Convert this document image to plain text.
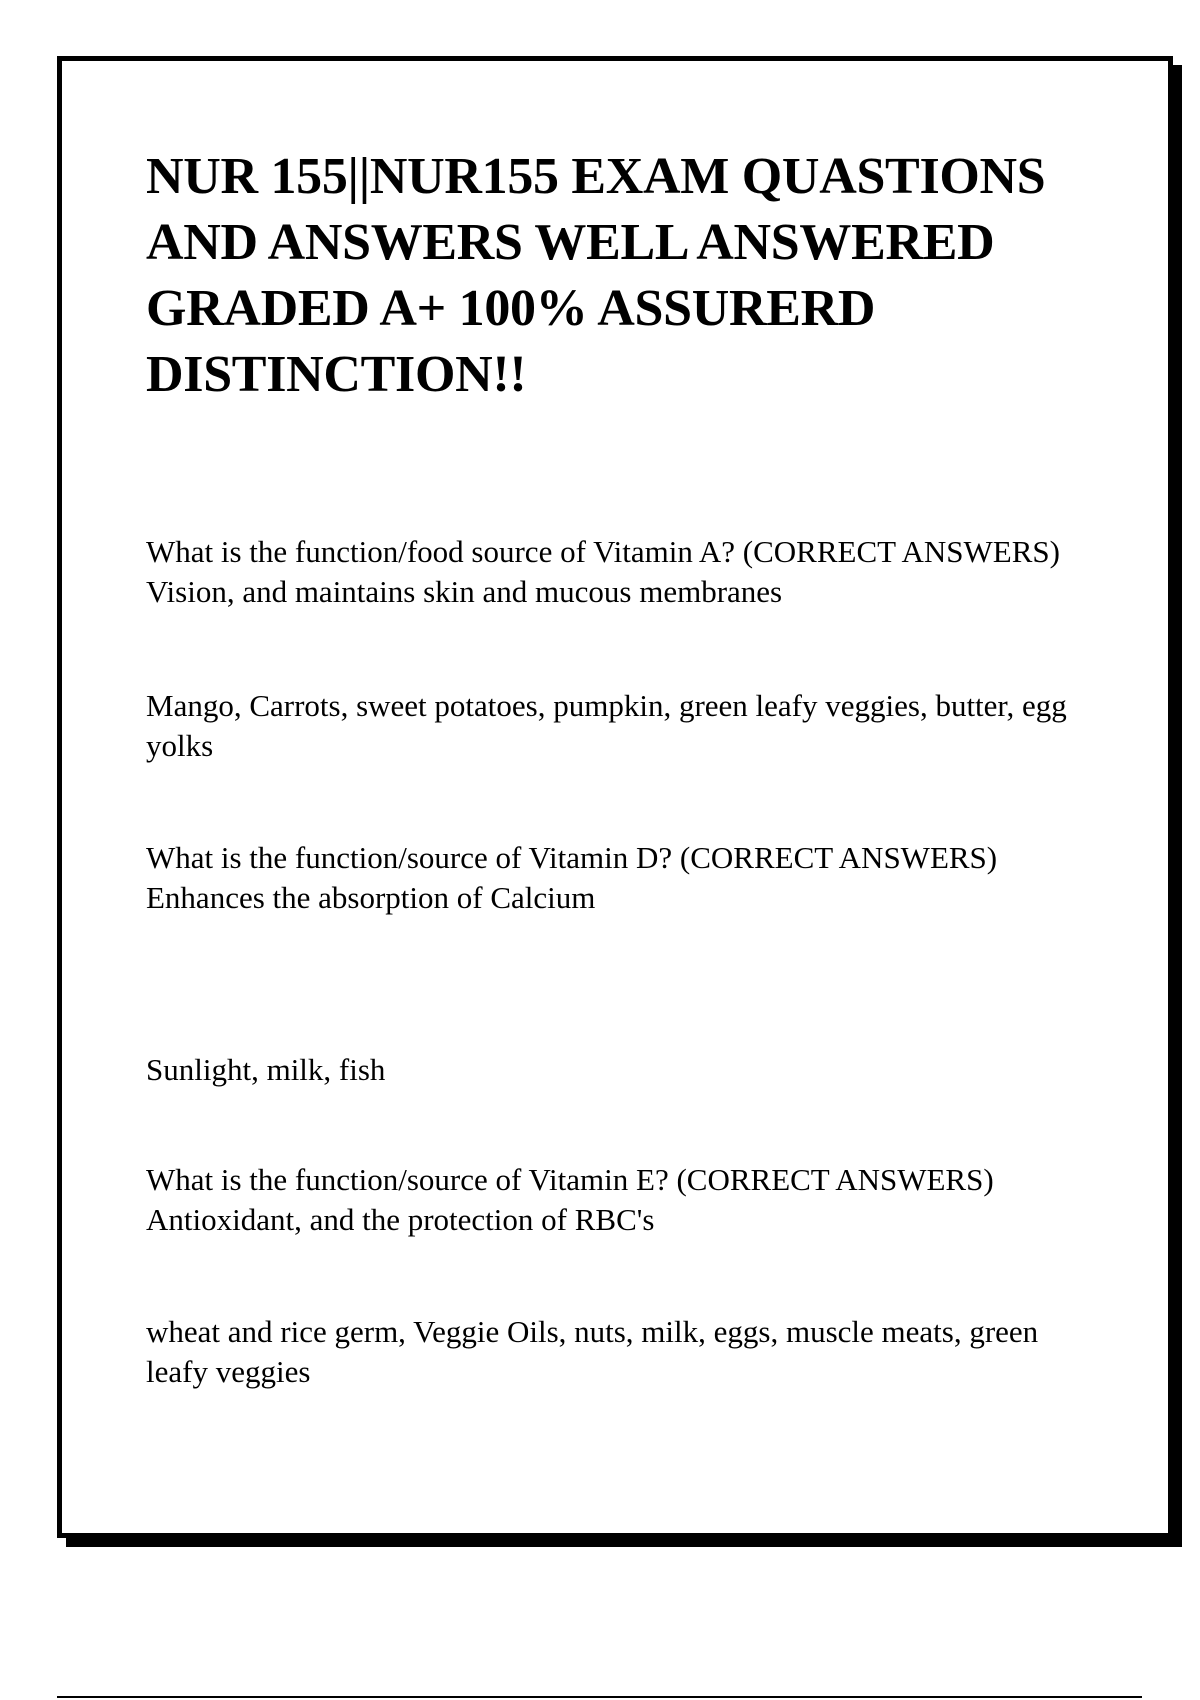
NUR 155||NUR155 EXAM QUASTIONS AND ANSWERS WELL ANSWERED GRADED A+ 100% ASSURERD DISTINCTION!!

What is the function/food source of Vitamin A? (CORRECT ANSWERS) Vision, and maintains skin and mucous membranes

Mango, Carrots, sweet potatoes, pumpkin, green leafy veggies, butter, egg yolks

What is the function/source of Vitamin D? (CORRECT ANSWERS) Enhances the absorption of Calcium

Sunlight, milk, fish

What is the function/source of Vitamin E? (CORRECT ANSWERS) Antioxidant, and the protection of RBC's

wheat and rice germ, Veggie Oils, nuts, milk, eggs, muscle meats, green leafy veggies
